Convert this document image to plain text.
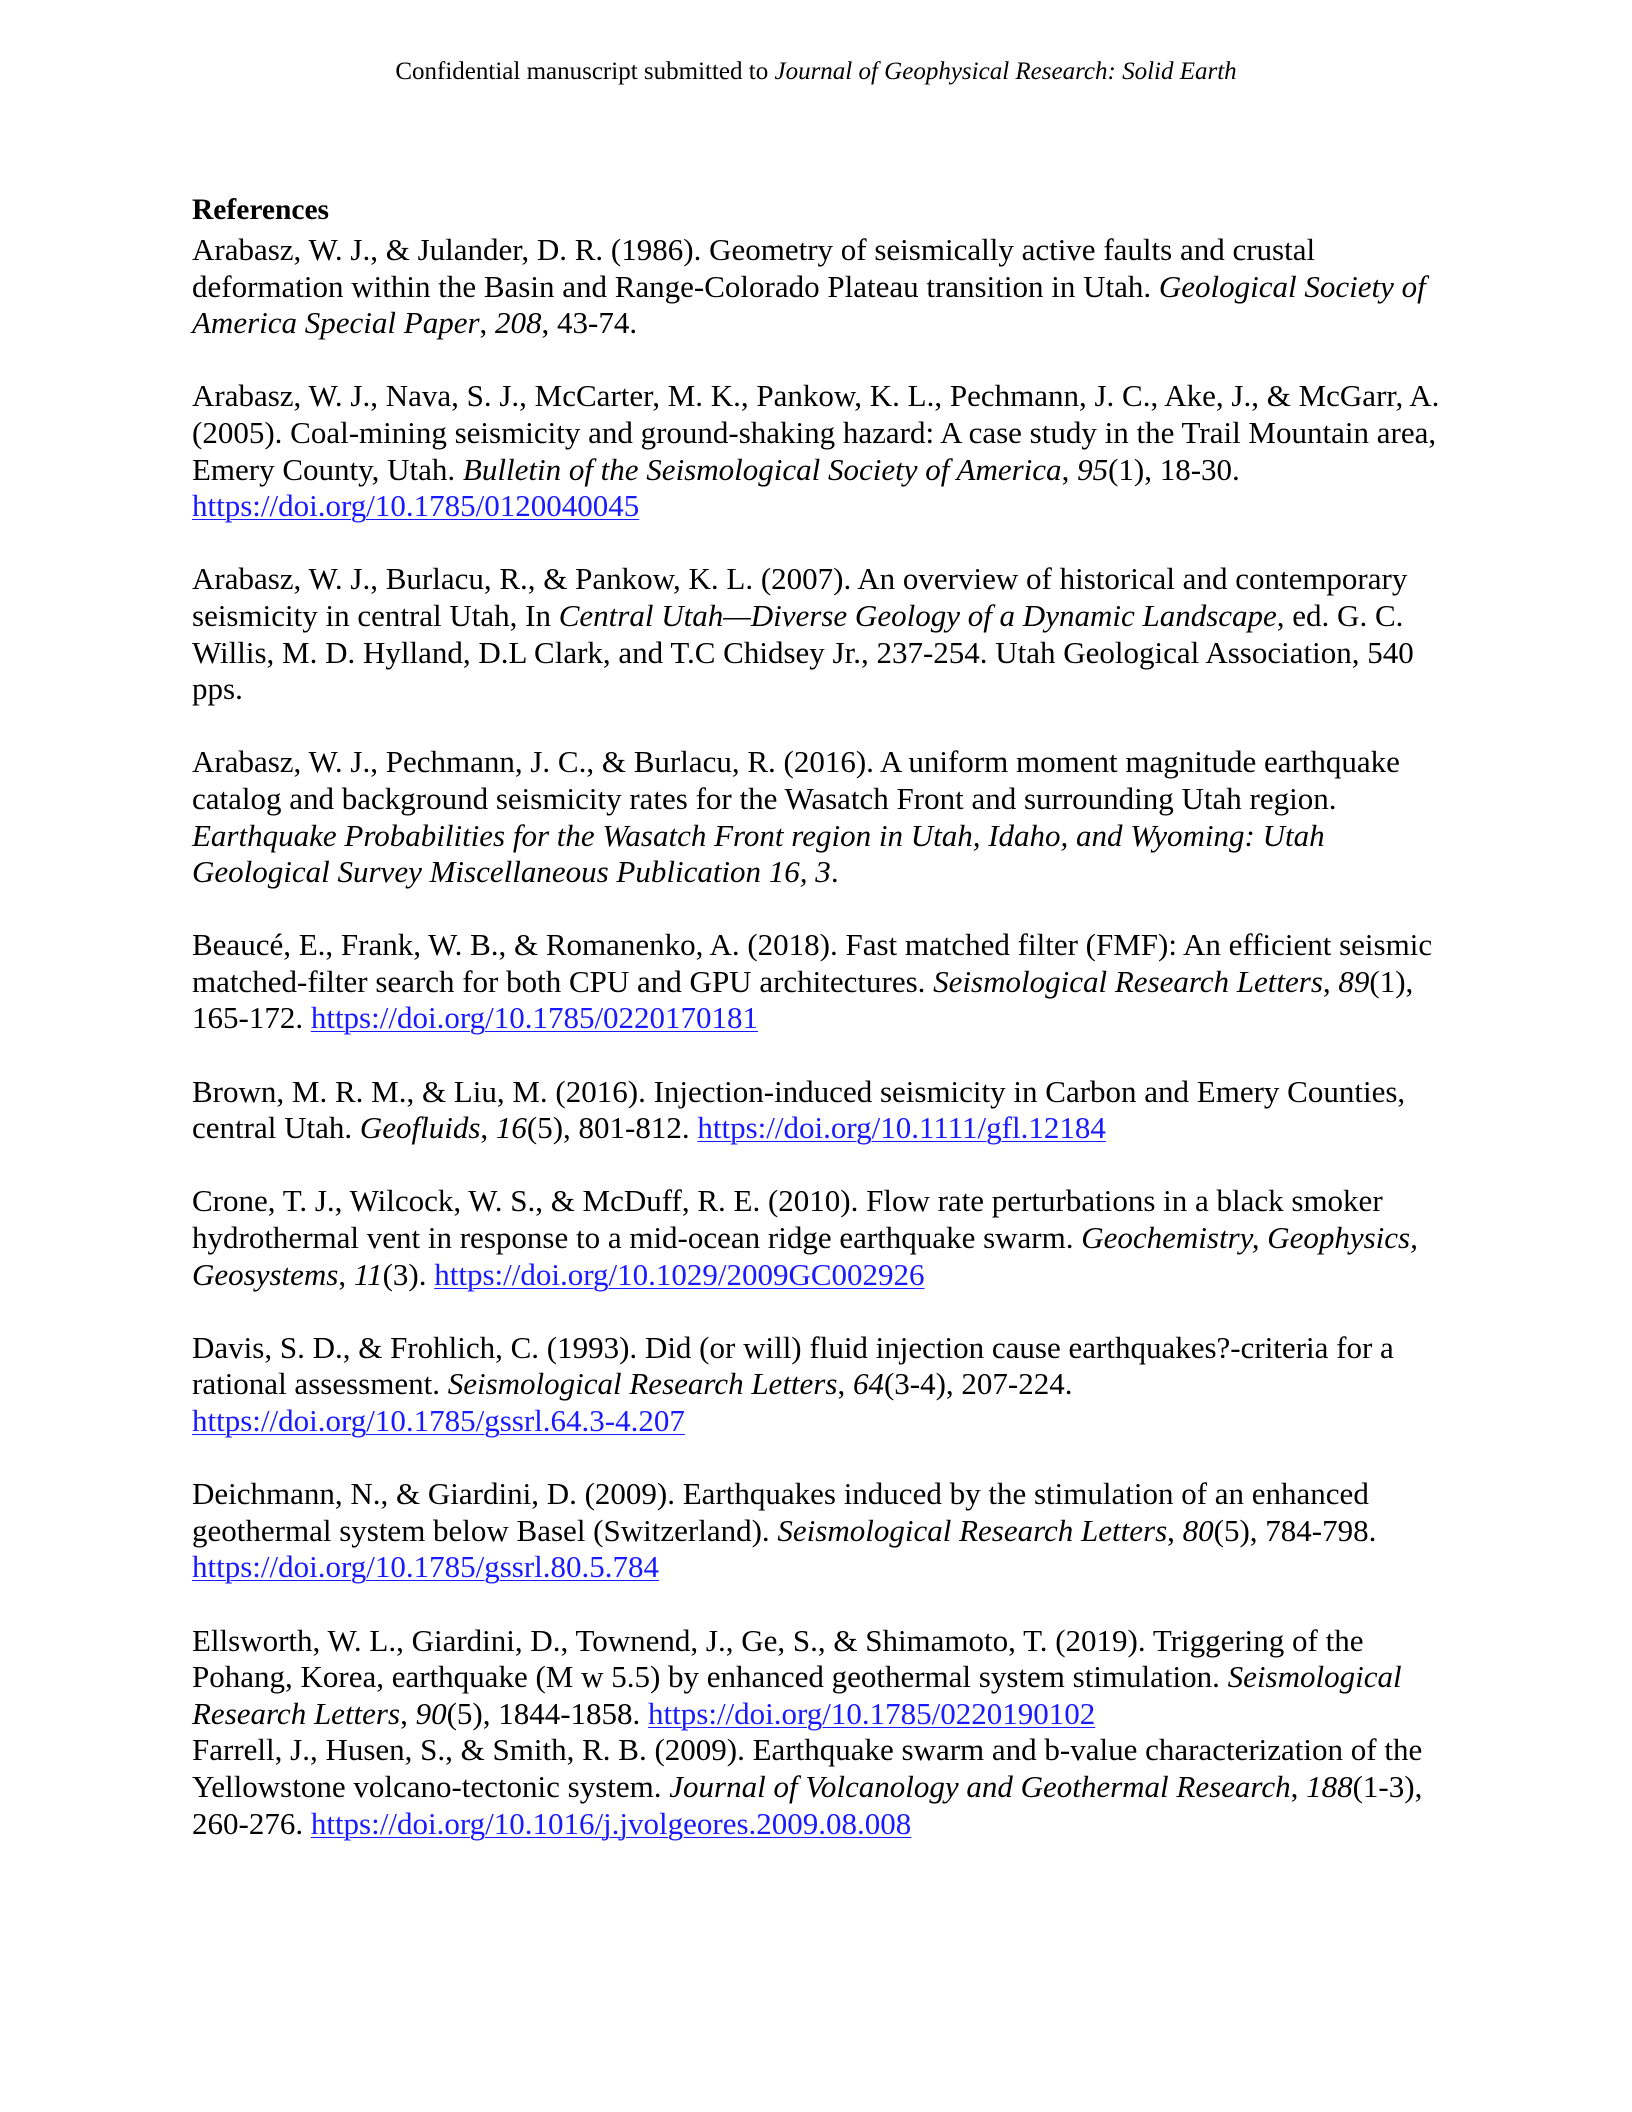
Confidential manuscript submitted to Journal of Geophysical Research: Solid Earth
References
Arabasz, W. J., & Julander, D. R. (1986). Geometry of seismically active faults and crustal deformation within the Basin and Range-Colorado Plateau transition in Utah. Geological Society of America Special Paper, 208, 43-74.
Arabasz, W. J., Nava, S. J., McCarter, M. K., Pankow, K. L., Pechmann, J. C., Ake, J., & McGarr, A. (2005). Coal-mining seismicity and ground-shaking hazard: A case study in the Trail Mountain area, Emery County, Utah. Bulletin of the Seismological Society of America, 95(1), 18-30. https://doi.org/10.1785/0120040045
Arabasz, W. J., Burlacu, R., & Pankow, K. L. (2007). An overview of historical and contemporary seismicity in central Utah, In Central Utah—Diverse Geology of a Dynamic Landscape, ed. G. C. Willis, M. D. Hylland, D.L Clark, and T.C Chidsey Jr., 237-254. Utah Geological Association, 540 pps.
Arabasz, W. J., Pechmann, J. C., & Burlacu, R. (2016). A uniform moment magnitude earthquake catalog and background seismicity rates for the Wasatch Front and surrounding Utah region. Earthquake Probabilities for the Wasatch Front region in Utah, Idaho, and Wyoming: Utah Geological Survey Miscellaneous Publication 16, 3.
Beaucé, E., Frank, W. B., & Romanenko, A. (2018). Fast matched filter (FMF): An efficient seismic matched-filter search for both CPU and GPU architectures. Seismological Research Letters, 89(1), 165-172. https://doi.org/10.1785/0220170181
Brown, M. R. M., & Liu, M. (2016). Injection-induced seismicity in Carbon and Emery Counties, central Utah. Geofluids, 16(5), 801-812. https://doi.org/10.1111/gfl.12184
Crone, T. J., Wilcock, W. S., & McDuff, R. E. (2010). Flow rate perturbations in a black smoker hydrothermal vent in response to a mid-ocean ridge earthquake swarm. Geochemistry, Geophysics, Geosystems, 11(3). https://doi.org/10.1029/2009GC002926
Davis, S. D., & Frohlich, C. (1993). Did (or will) fluid injection cause earthquakes?-criteria for a rational assessment. Seismological Research Letters, 64(3-4), 207-224. https://doi.org/10.1785/gssrl.64.3-4.207
Deichmann, N., & Giardini, D. (2009). Earthquakes induced by the stimulation of an enhanced geothermal system below Basel (Switzerland). Seismological Research Letters, 80(5), 784-798. https://doi.org/10.1785/gssrl.80.5.784
Ellsworth, W. L., Giardini, D., Townend, J., Ge, S., & Shimamoto, T. (2019). Triggering of the Pohang, Korea, earthquake (M w 5.5) by enhanced geothermal system stimulation. Seismological Research Letters, 90(5), 1844-1858. https://doi.org/10.1785/0220190102
Farrell, J., Husen, S., & Smith, R. B. (2009). Earthquake swarm and b-value characterization of the Yellowstone volcano-tectonic system. Journal of Volcanology and Geothermal Research, 188(1-3), 260-276. https://doi.org/10.1016/j.jvolgeores.2009.08.008
